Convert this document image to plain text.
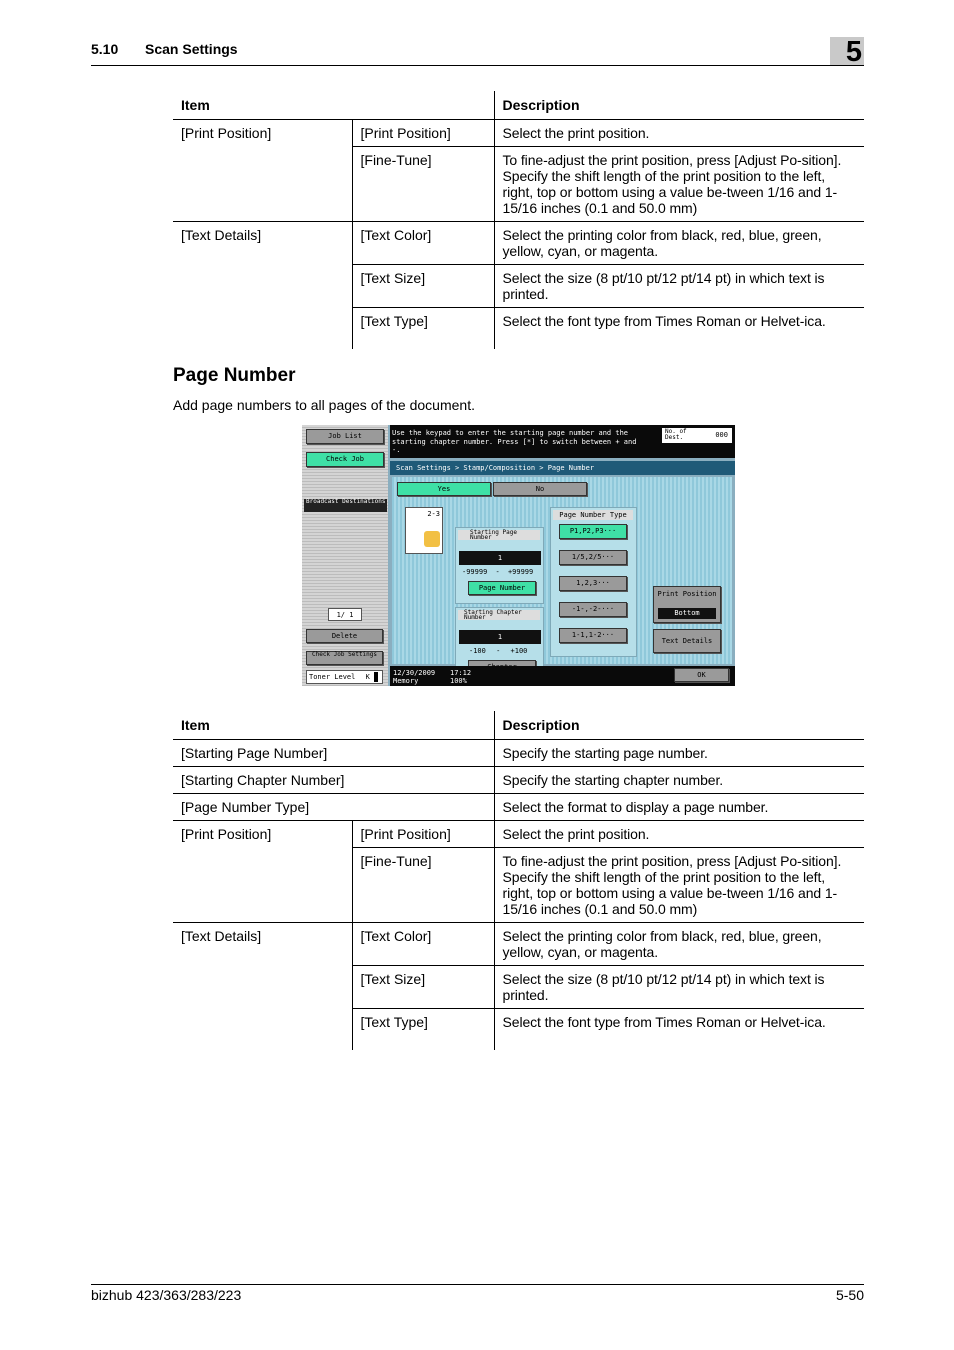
5.10 Scan Settings	5
Item		Description
[Print Position]	[Print Position]	Select the print position.
	[Fine-Tune]	To fine-adjust the print position, press [Adjust Po-sition]. Specify the shift length of the print position to the left, right, top or bottom using a value be-tween 1/16 and 1-15/16 inches (0.1 and 50.0 mm)
[Text Details]	[Text Color]	Select the printing color from black, red, blue, green, yellow, cyan, or magenta.
	[Text Size]	Select the size (8 pt/10 pt/12 pt/14 pt) in which text is printed.
	[Text Type]	Select the font type from Times Roman or Helvet-ica.
Page Number
Add page numbers to all pages of the document.
Job List
Check Job
Broadcast Destinations
1/ 1
Delete
Check Job Settings
Toner Level K
Use the keypad to enter the starting page number and the starting chapter number. Press [*] to switch between + and -.
No. of Dest.	000
Scan Settings > Stamp/Composition > Page Number
Yes	No
2-3
Starting Page Number
1
-99999 - +99999
Page Number
Starting Chapter Number
1
-100 - +100
Page Number Type
P1,P2,P3···
1/5,2/5···
1,2,3···
-1-,-2-···
1-1,1-2···
Print Position
Bottom
Text Details
12/30/2009 17:12
Memory	100%
OK
Item		Description
[Starting Page Number]		Specify the starting page number.
[Starting Chapter Number]		Specify the starting chapter number.
[Page Number Type]		Select the format to display a page number.
[Print Position]	[Print Position]	Select the print position.
	[Fine-Tune]	To fine-adjust the print position, press [Adjust Po-sition]. Specify the shift length of the print position to the left, right, top or bottom using a value be-tween 1/16 and 1-15/16 inches (0.1 and 50.0 mm)
[Text Details]	[Text Color]	Select the printing color from black, red, blue, green, yellow, cyan, or magenta.
	[Text Size]	Select the size (8 pt/10 pt/12 pt/14 pt) in which text is printed.
	[Text Type]	Select the font type from Times Roman or Helvet-ica.
bizhub 423/363/283/223	5-50
